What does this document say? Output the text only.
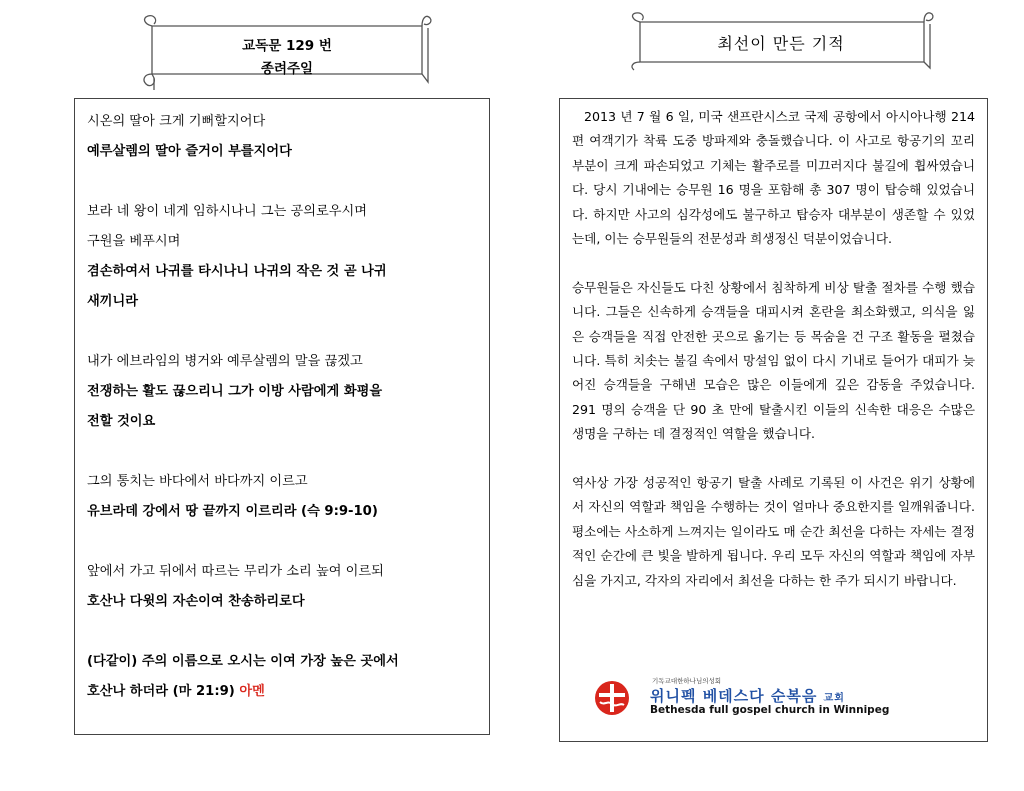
교독문 129 번
종려주일
최선이 만든 기적
시온의 딸아 크게 기뻐할지어다
예루살렘의 딸아 즐거이 부를지어다
보라 네 왕이 네게 임하시나니 그는 공의로우시며
구원을 베푸시며
겸손하여서 나귀를 타시나니 나귀의 작은 것 곧 나귀
새끼니라
내가 에브라임의 병거와 예루살렘의 말을 끊겠고
전쟁하는 활도 끊으리니 그가 이방 사람에게 화평을
전할 것이요
그의 통치는 바다에서 바다까지 이르고
유브라데 강에서 땅 끝까지 이르리라 (슥 9:9-10)
앞에서 가고 뒤에서 따르는 무리가 소리 높여 이르되
호산나 다윗의 자손이여 찬송하리로다
(다같이) 주의 이름으로 오시는 이여 가장 높은 곳에서
호산나 하더라 (마 21:9) 아멘

2013 년 7 월 6 일, 미국 샌프란시스코 국제 공항에서 아시아나행 214 편 여객기가 착륙 도중 방파제와 충돌했습니다. 이 사고로 항공기의 꼬리 부분이 크게 파손되었고 기체는 활주로를 미끄러지다 불길에 휩싸였습니다. 당시 기내에는 승무원 16 명을 포함해 총 307 명이 탑승해 있었습니다. 하지만 사고의 심각성에도 불구하고 탑승자 대부분이 생존할 수 있었는데, 이는 승무원들의 전문성과 희생정신 덕분이었습니다.

승무원들은 자신들도 다친 상황에서 침착하게 비상 탈출 절차를 수행 했습니다. 그들은 신속하게 승객들을 대피시켜 혼란을 최소화했고, 의식을 잃은 승객들을 직접 안전한 곳으로 옮기는 등 목숨을 건 구조 활동을 펼쳤습니다. 특히 치솟는 불길 속에서 망설임 없이 다시 기내로 들어가 대피가 늦어진 승객들을 구해낸 모습은 많은 이들에게 깊은 감동을 주었습니다. 291 명의 승객을 단 90 초 만에 탈출시킨 이들의 신속한 대응은 수많은 생명을 구하는 데 결정적인 역할을 했습니다.

역사상 가장 성공적인 항공기 탈출 사례로 기록된 이 사건은 위기 상황에서 자신의 역할과 책임을 수행하는 것이 얼마나 중요한지를 일깨워줍니다. 평소에는 사소하게 느껴지는 일이라도 매 순간 최선을 다하는 자세는 결정적인 순간에 큰 빛을 발하게 됩니다. 우리 모두 자신의 역할과 책임에 자부심을 가지고, 각자의 자리에서 최선을 다하는 한 주가 되시기 바랍니다.

기독교대한하나님의성회
위니펙 베데스다 순복음 교회
Bethesda full gospel church in Winnipeg
